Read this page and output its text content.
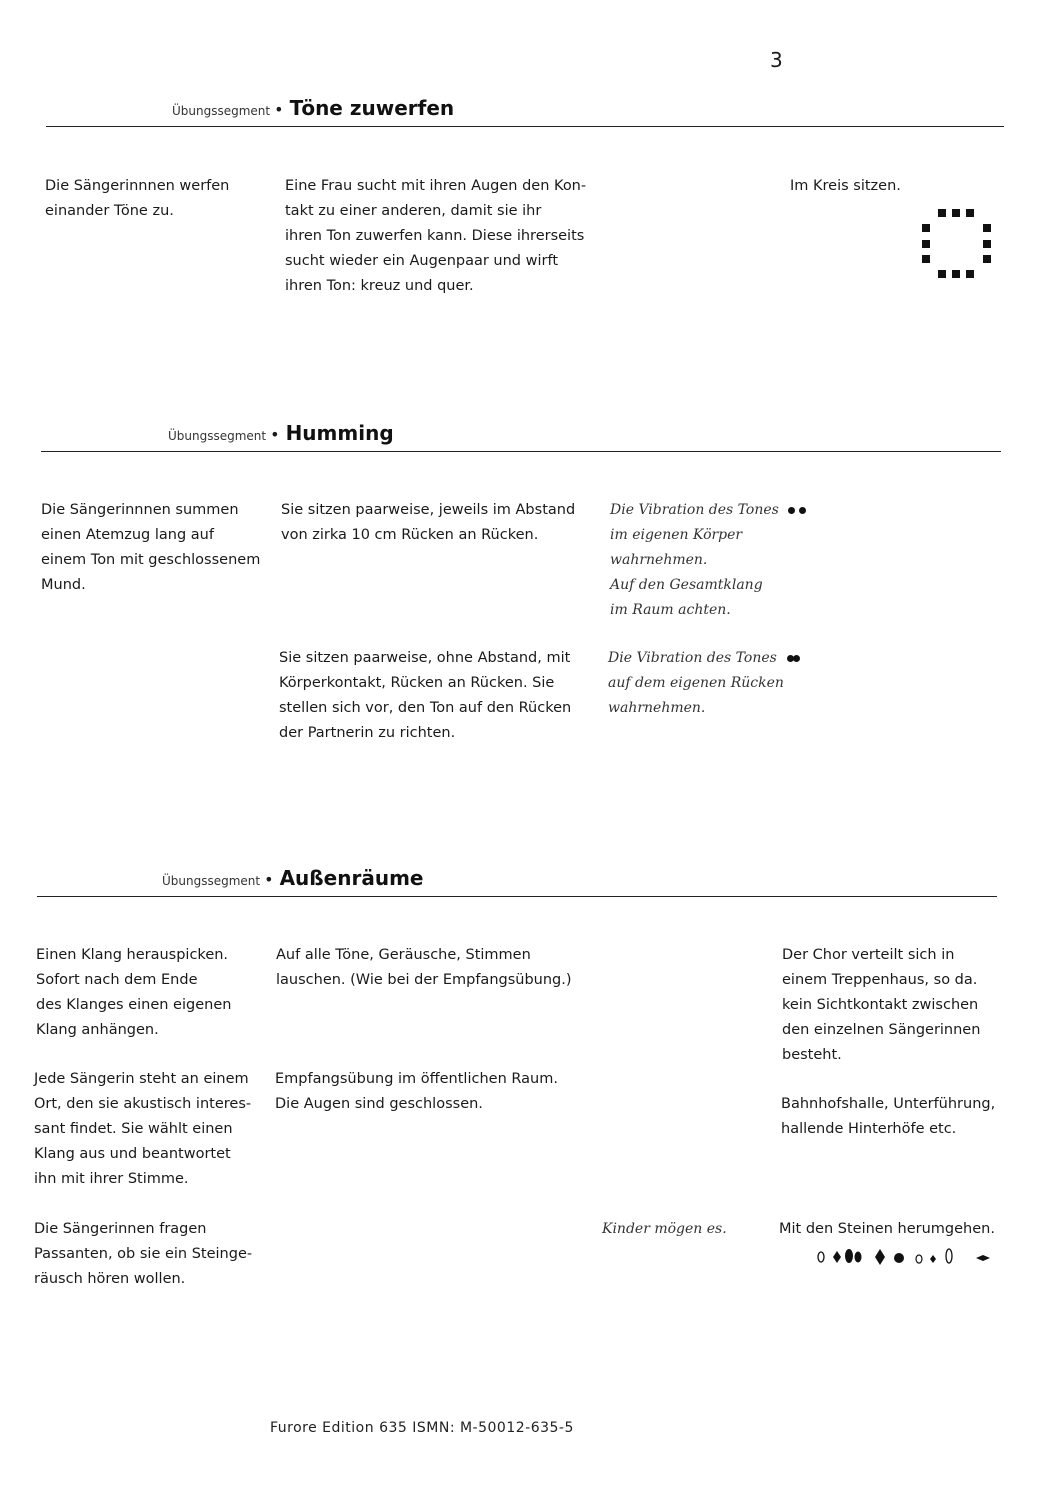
3
Übungssegment • Töne zuwerfen
Die Sängerinnnen werfen
einander Töne zu.
Eine Frau sucht mit ihren Augen den Kon-
takt zu einer anderen, damit sie ihr
ihren Ton zuwerfen kann. Diese ihrerseits
sucht wieder ein Augenpaar und wirft
ihren Ton: kreuz und quer.
Im Kreis sitzen.
Übungssegment • Humming
Die Sängerinnnen summen
einen Atemzug lang auf
einem Ton mit geschlossenem
Mund.
Sie sitzen paarweise, jeweils im Abstand
von zirka 10 cm Rücken an Rücken.
Die Vibration des Tones
im eigenen Körper
wahrnehmen.
Auf den Gesamtklang
im Raum achten.
Sie sitzen paarweise, ohne Abstand, mit
Körperkontakt, Rücken an Rücken. Sie
stellen sich vor, den Ton auf den Rücken
der Partnerin zu richten.
Die Vibration des Tones
auf dem eigenen Rücken
wahrnehmen.
Übungssegment • Außenräume
Einen Klang herauspicken.
Sofort nach dem Ende
des Klanges einen eigenen
Klang anhängen.
Auf alle Töne, Geräusche, Stimmen
lauschen. (Wie bei der Empfangsübung.)
Der Chor verteilt sich in
einem Treppenhaus, so da.
kein Sichtkontakt zwischen
den einzelnen Sängerinnen
besteht.
Jede Sängerin steht an einem
Ort, den sie akustisch interes-
sant findet. Sie wählt einen
Klang aus und beantwortet
ihn mit ihrer Stimme.
Empfangsübung im öffentlichen Raum.
Die Augen sind geschlossen.	Bahnhofshalle, Unterführung,
hallende Hinterhöfe etc.
Die Sängerinnen fragen
Passanten, ob sie ein Steinge-
räusch hören wollen.
Kinder mögen es.	Mit den Steinen herumgehen.
Furore Edition 635 ISMN: M-50012-635-5
